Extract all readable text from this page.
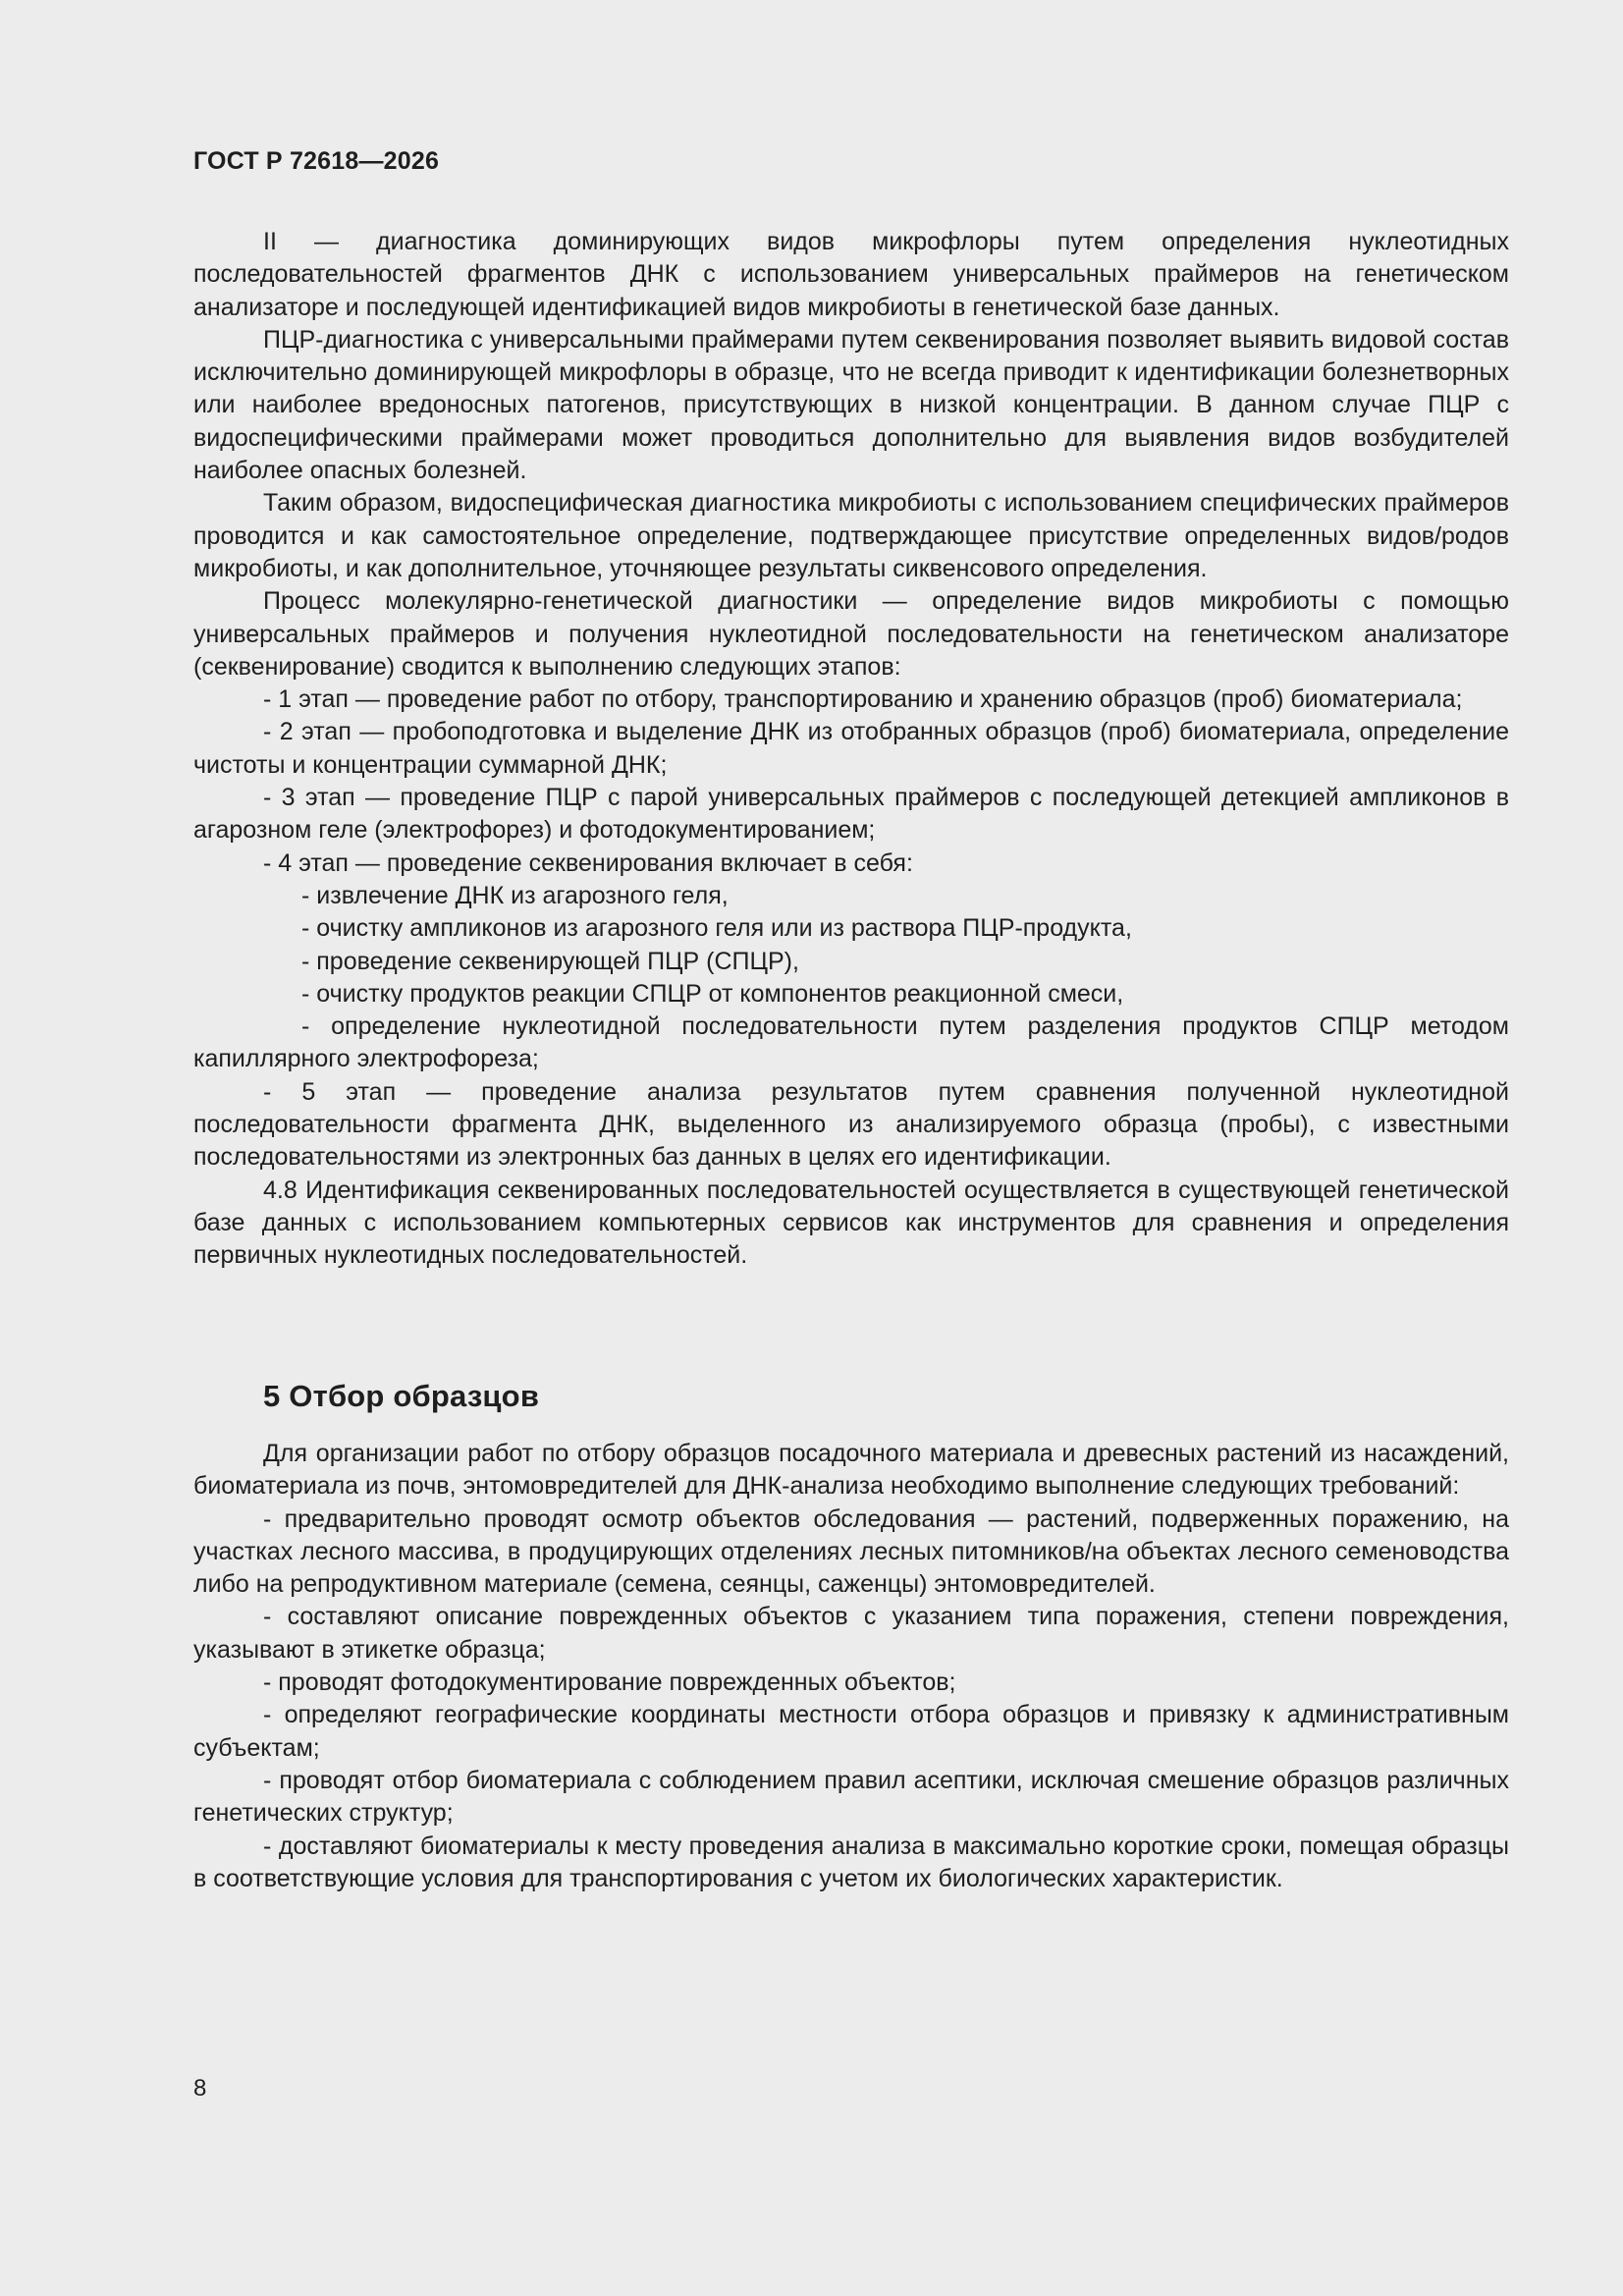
ГОСТ Р 72618—2026

II — диагностика доминирующих видов микрофлоры путем определения нуклеотидных последовательностей фрагментов ДНК с использованием универсальных праймеров на генетическом анализаторе и последующей идентификацией видов микробиоты в генетической базе данных.

ПЦР-диагностика с универсальными праймерами путем секвенирования позволяет выявить видовой состав исключительно доминирующей микрофлоры в образце, что не всегда приводит к идентификации болезнетворных или наиболее вредоносных патогенов, присутствующих в низкой концентрации. В данном случае ПЦР с видоспецифическими праймерами может проводиться дополнительно для выявления видов возбудителей наиболее опасных болезней.

Таким образом, видоспецифическая диагностика микробиоты с использованием специфических праймеров проводится и как самостоятельное определение, подтверждающее присутствие определенных видов/родов микробиоты, и как дополнительное, уточняющее результаты сиквенсового определения.

Процесс молекулярно-генетической диагностики — определение видов микробиоты с помощью универсальных праймеров и получения нуклеотидной последовательности на генетическом анализаторе (секвенирование) сводится к выполнению следующих этапов:

- 1 этап — проведение работ по отбору, транспортированию и хранению образцов (проб) биоматериала;

- 2 этап — пробоподготовка и выделение ДНК из отобранных образцов (проб) биоматериала, определение чистоты и концентрации суммарной ДНК;

- 3 этап — проведение ПЦР с парой универсальных праймеров с последующей детекцией ампликонов в агарозном геле (электрофорез) и фотодокументированием;

- 4 этап — проведение секвенирования включает в себя:

- извлечение ДНК из агарозного геля,

- очистку ампликонов из агарозного геля или из раствора ПЦР-продукта,

- проведение секвенирующей ПЦР (СПЦР),

- очистку продуктов реакции СПЦР от компонентов реакционной смеси,

- определение нуклеотидной последовательности путем разделения продуктов СПЦР методом капиллярного электрофореза;

- 5 этап — проведение анализа результатов путем сравнения полученной нуклеотидной последовательности фрагмента ДНК, выделенного из анализируемого образца (пробы), с известными последовательностями из электронных баз данных в целях его идентификации.

4.8 Идентификация секвенированных последовательностей осуществляется в существующей генетической базе данных с использованием компьютерных сервисов как инструментов для сравнения и определения первичных нуклеотидных последовательностей.

5 Отбор образцов

Для организации работ по отбору образцов посадочного материала и древесных растений из насаждений, биоматериала из почв, энтомовредителей для ДНК-анализа необходимо выполнение следующих требований:

- предварительно проводят осмотр объектов обследования — растений, подверженных поражению, на участках лесного массива, в продуцирующих отделениях лесных питомников/на объектах лесного семеноводства либо на репродуктивном материале (семена, сеянцы, саженцы) энтомовредителей.

- составляют описание поврежденных объектов с указанием типа поражения, степени повреждения, указывают в этикетке образца;

- проводят фотодокументирование поврежденных объектов;

- определяют географические координаты местности отбора образцов и привязку к административным субъектам;

- проводят отбор биоматериала с соблюдением правил асептики, исключая смешение образцов различных генетических структур;

- доставляют биоматериалы к месту проведения анализа в максимально короткие сроки, помещая образцы в соответствующие условия для транспортирования с учетом их биологических характеристик.

8
